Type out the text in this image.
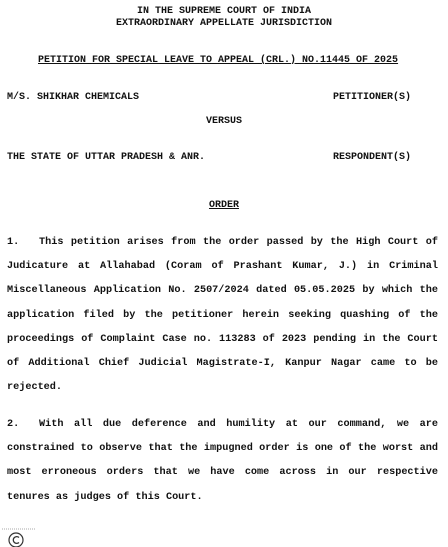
IN THE SUPREME COURT OF INDIA
EXTRAORDINARY APPELLATE JURISDICTION
PETITION FOR SPECIAL LEAVE TO APPEAL (CRL.) NO.11445 OF 2025
M/S. SHIKHAR CHEMICALS	PETITIONER(S)
VERSUS
THE STATE OF UTTAR PRADESH & ANR.	RESPONDENT(S)
ORDER

1. This petition arises from the order passed by the High Court of Judicature at Allahabad (Coram of Prashant Kumar, J.) in Criminal Miscellaneous Application No. 2507/2024 dated 05.05.2025 by which the application filed by the petitioner herein seeking quashing of the proceedings of Complaint Case no. 113283 of 2023 pending in the Court of Additional Chief Judicial Magistrate-I, Kanpur Nagar came to be rejected.

2. With all due deference and humility at our command, we are constrained to observe that the impugned order is one of the worst and most erroneous orders that we have come across in our respective tenures as judges of this Court.
